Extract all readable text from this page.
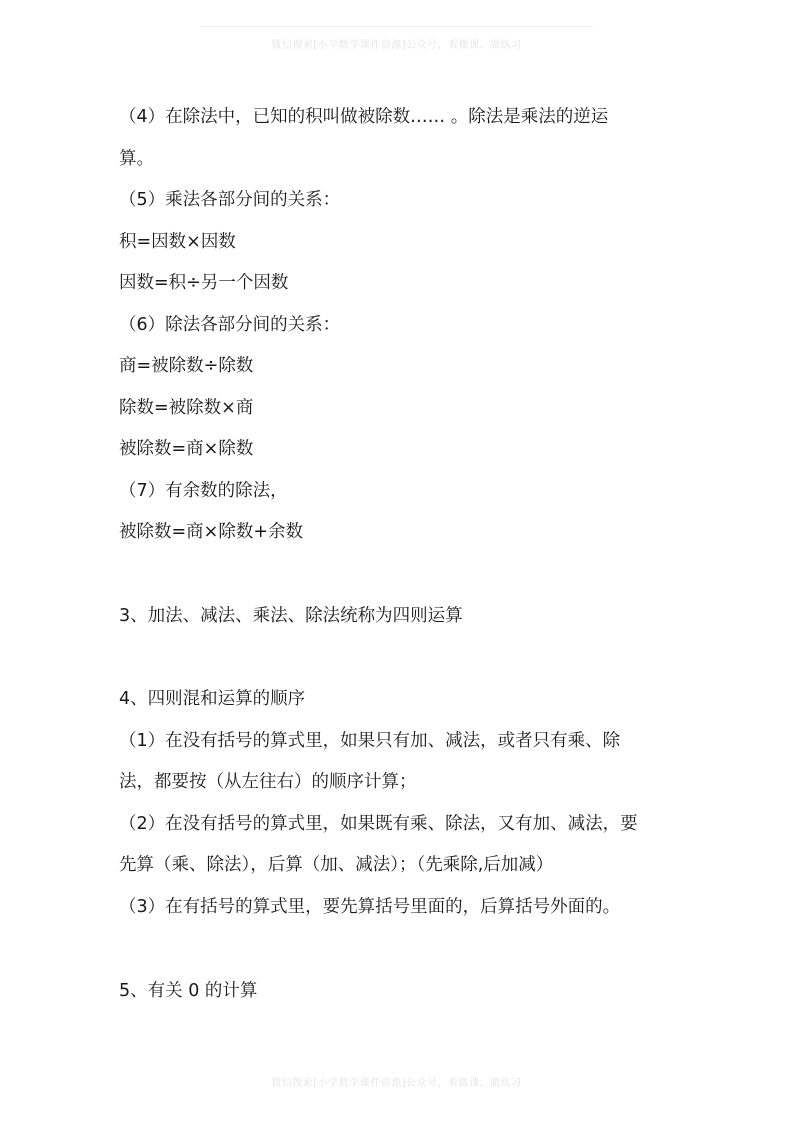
微信搜索[小学数学课件资源]公众号，看微课、做练习
（4）在除法中，已知的积叫做被除数…… 。除法是乘法的逆运
算。
（5）乘法各部分间的关系：
积=因数×因数
因数=积÷另一个因数
（6）除法各部分间的关系：
商=被除数÷除数
除数=被除数×商
被除数=商×除数
（7）有余数的除法，
被除数=商×除数+余数
3、加法、减法、乘法、除法统称为四则运算
4、四则混和运算的顺序
（1）在没有括号的算式里，如果只有加、减法，或者只有乘、除
法，都要按（从左往右）的顺序计算；
（2）在没有括号的算式里，如果既有乘、除法，又有加、减法，要
先算（乘、除法），后算（加、减法）；（先乘除,后加减）
（3）在有括号的算式里，要先算括号里面的，后算括号外面的。
5、有关 0 的计算
微信搜索[小学数学课件资源]公众号，看微课、做练习
